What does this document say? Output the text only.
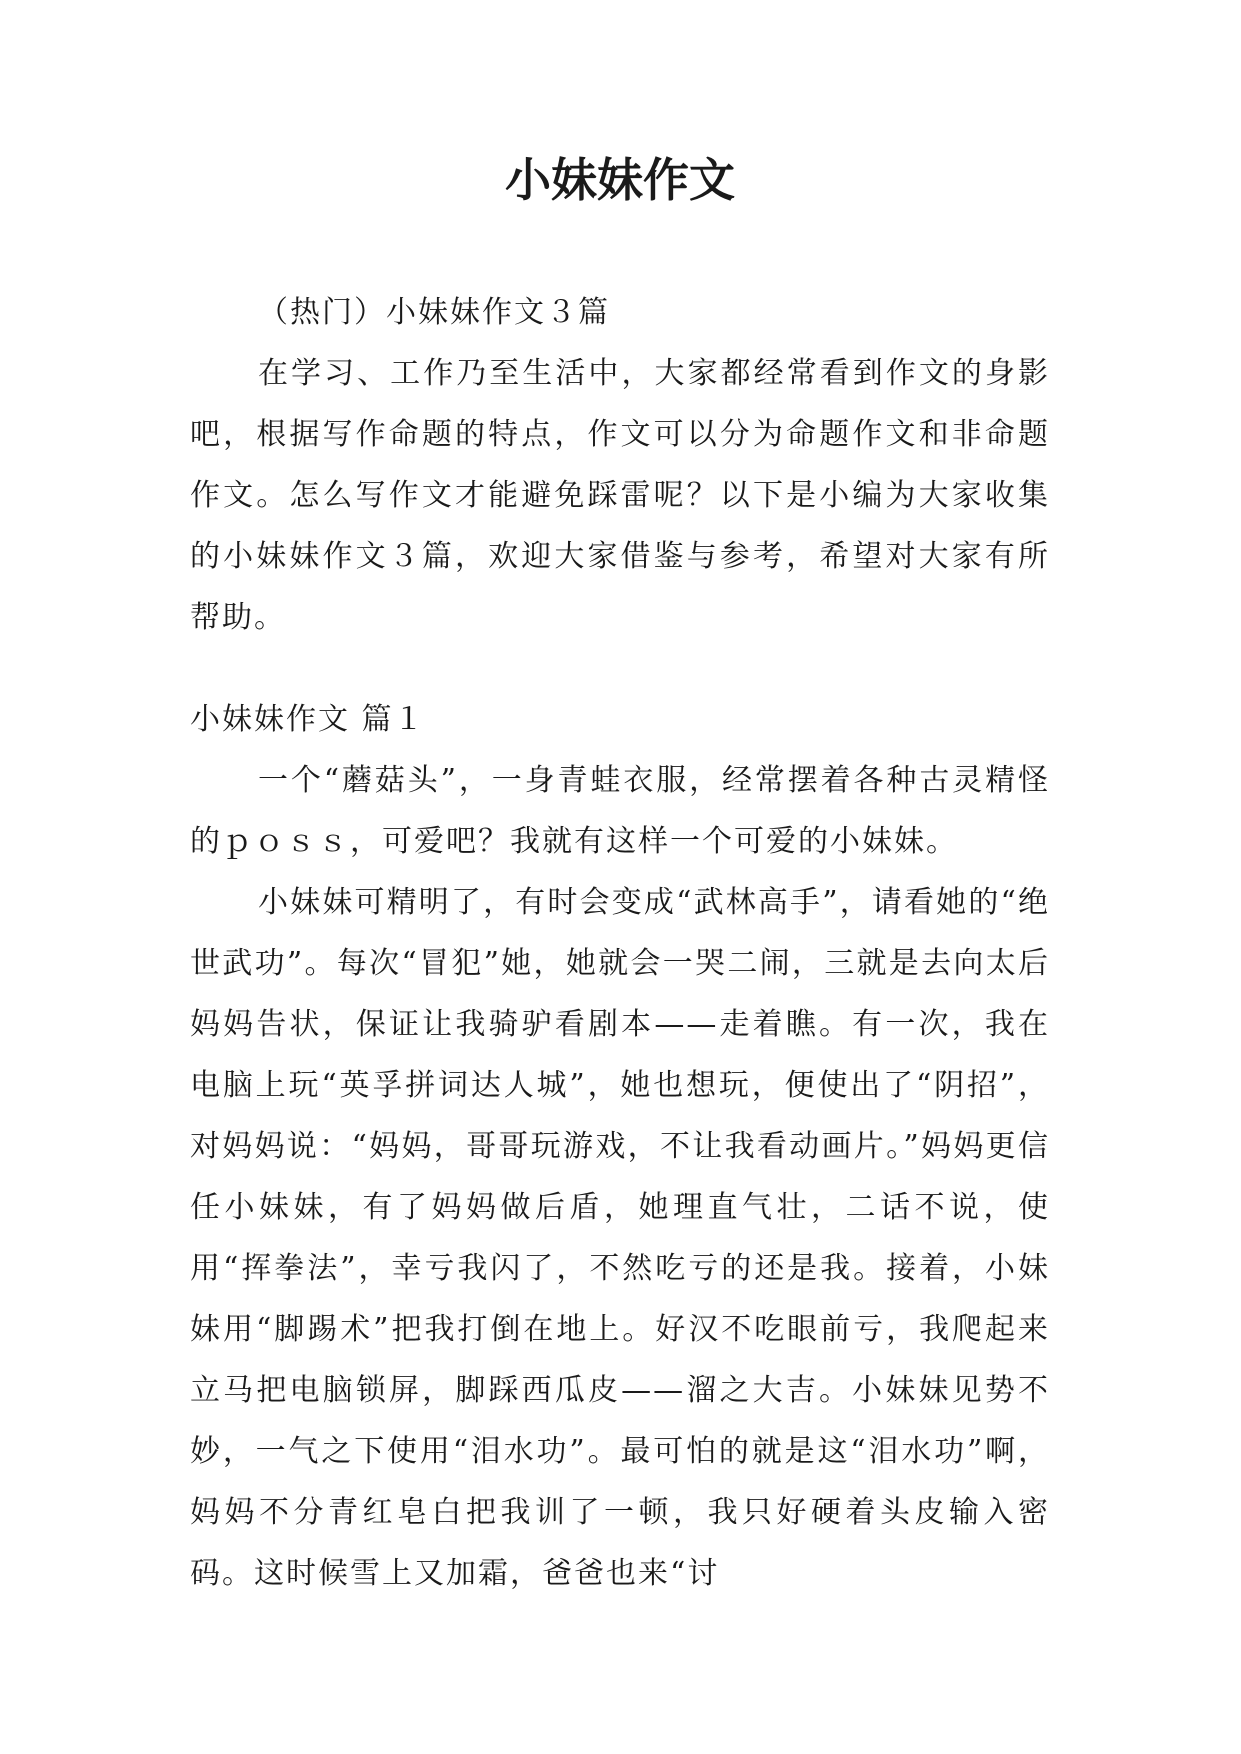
小妹妹作文

（热门）小妹妹作文３篇

在学习、工作乃至生活中，大家都经常看到作文的身影吧，根据写作命题的特点，作文可以分为命题作文和非命题作文。怎么写作文才能避免踩雷呢？以下是小编为大家收集的小妹妹作文３篇，欢迎大家借鉴与参考，希望对大家有所帮助。

小妹妹作文 篇１

一个“蘑菇头”，一身青蛙衣服，经常摆着各种古灵精怪的ｐｏｓｓ，可爱吧？我就有这样一个可爱的小妹妹。

小妹妹可精明了，有时会变成“武林高手”，请看她的“绝世武功”。每次“冒犯”她，她就会一哭二闹，三就是去向太后妈妈告状，保证让我骑驴看剧本——走着瞧。有一次，我在电脑上玩“英孚拼词达人城”，她也想玩，便使出了“阴招”，对妈妈说：“妈妈，哥哥玩游戏，不让我看动画片。”妈妈更信任小妹妹，有了妈妈做后盾，她理直气壮，二话不说，使用“挥拳法”，幸亏我闪了，不然吃亏的还是我。接着，小妹妹用“脚踢术”把我打倒在地上。好汉不吃眼前亏，我爬起来立马把电脑锁屏，脚踩西瓜皮——溜之大吉。小妹妹见势不妙，一气之下使用“泪水功”。最可怕的就是这“泪水功”啊，妈妈不分青红皂白把我训了一顿，我只好硬着头皮输入密码。这时候雪上又加霜，爸爸也来“讨
